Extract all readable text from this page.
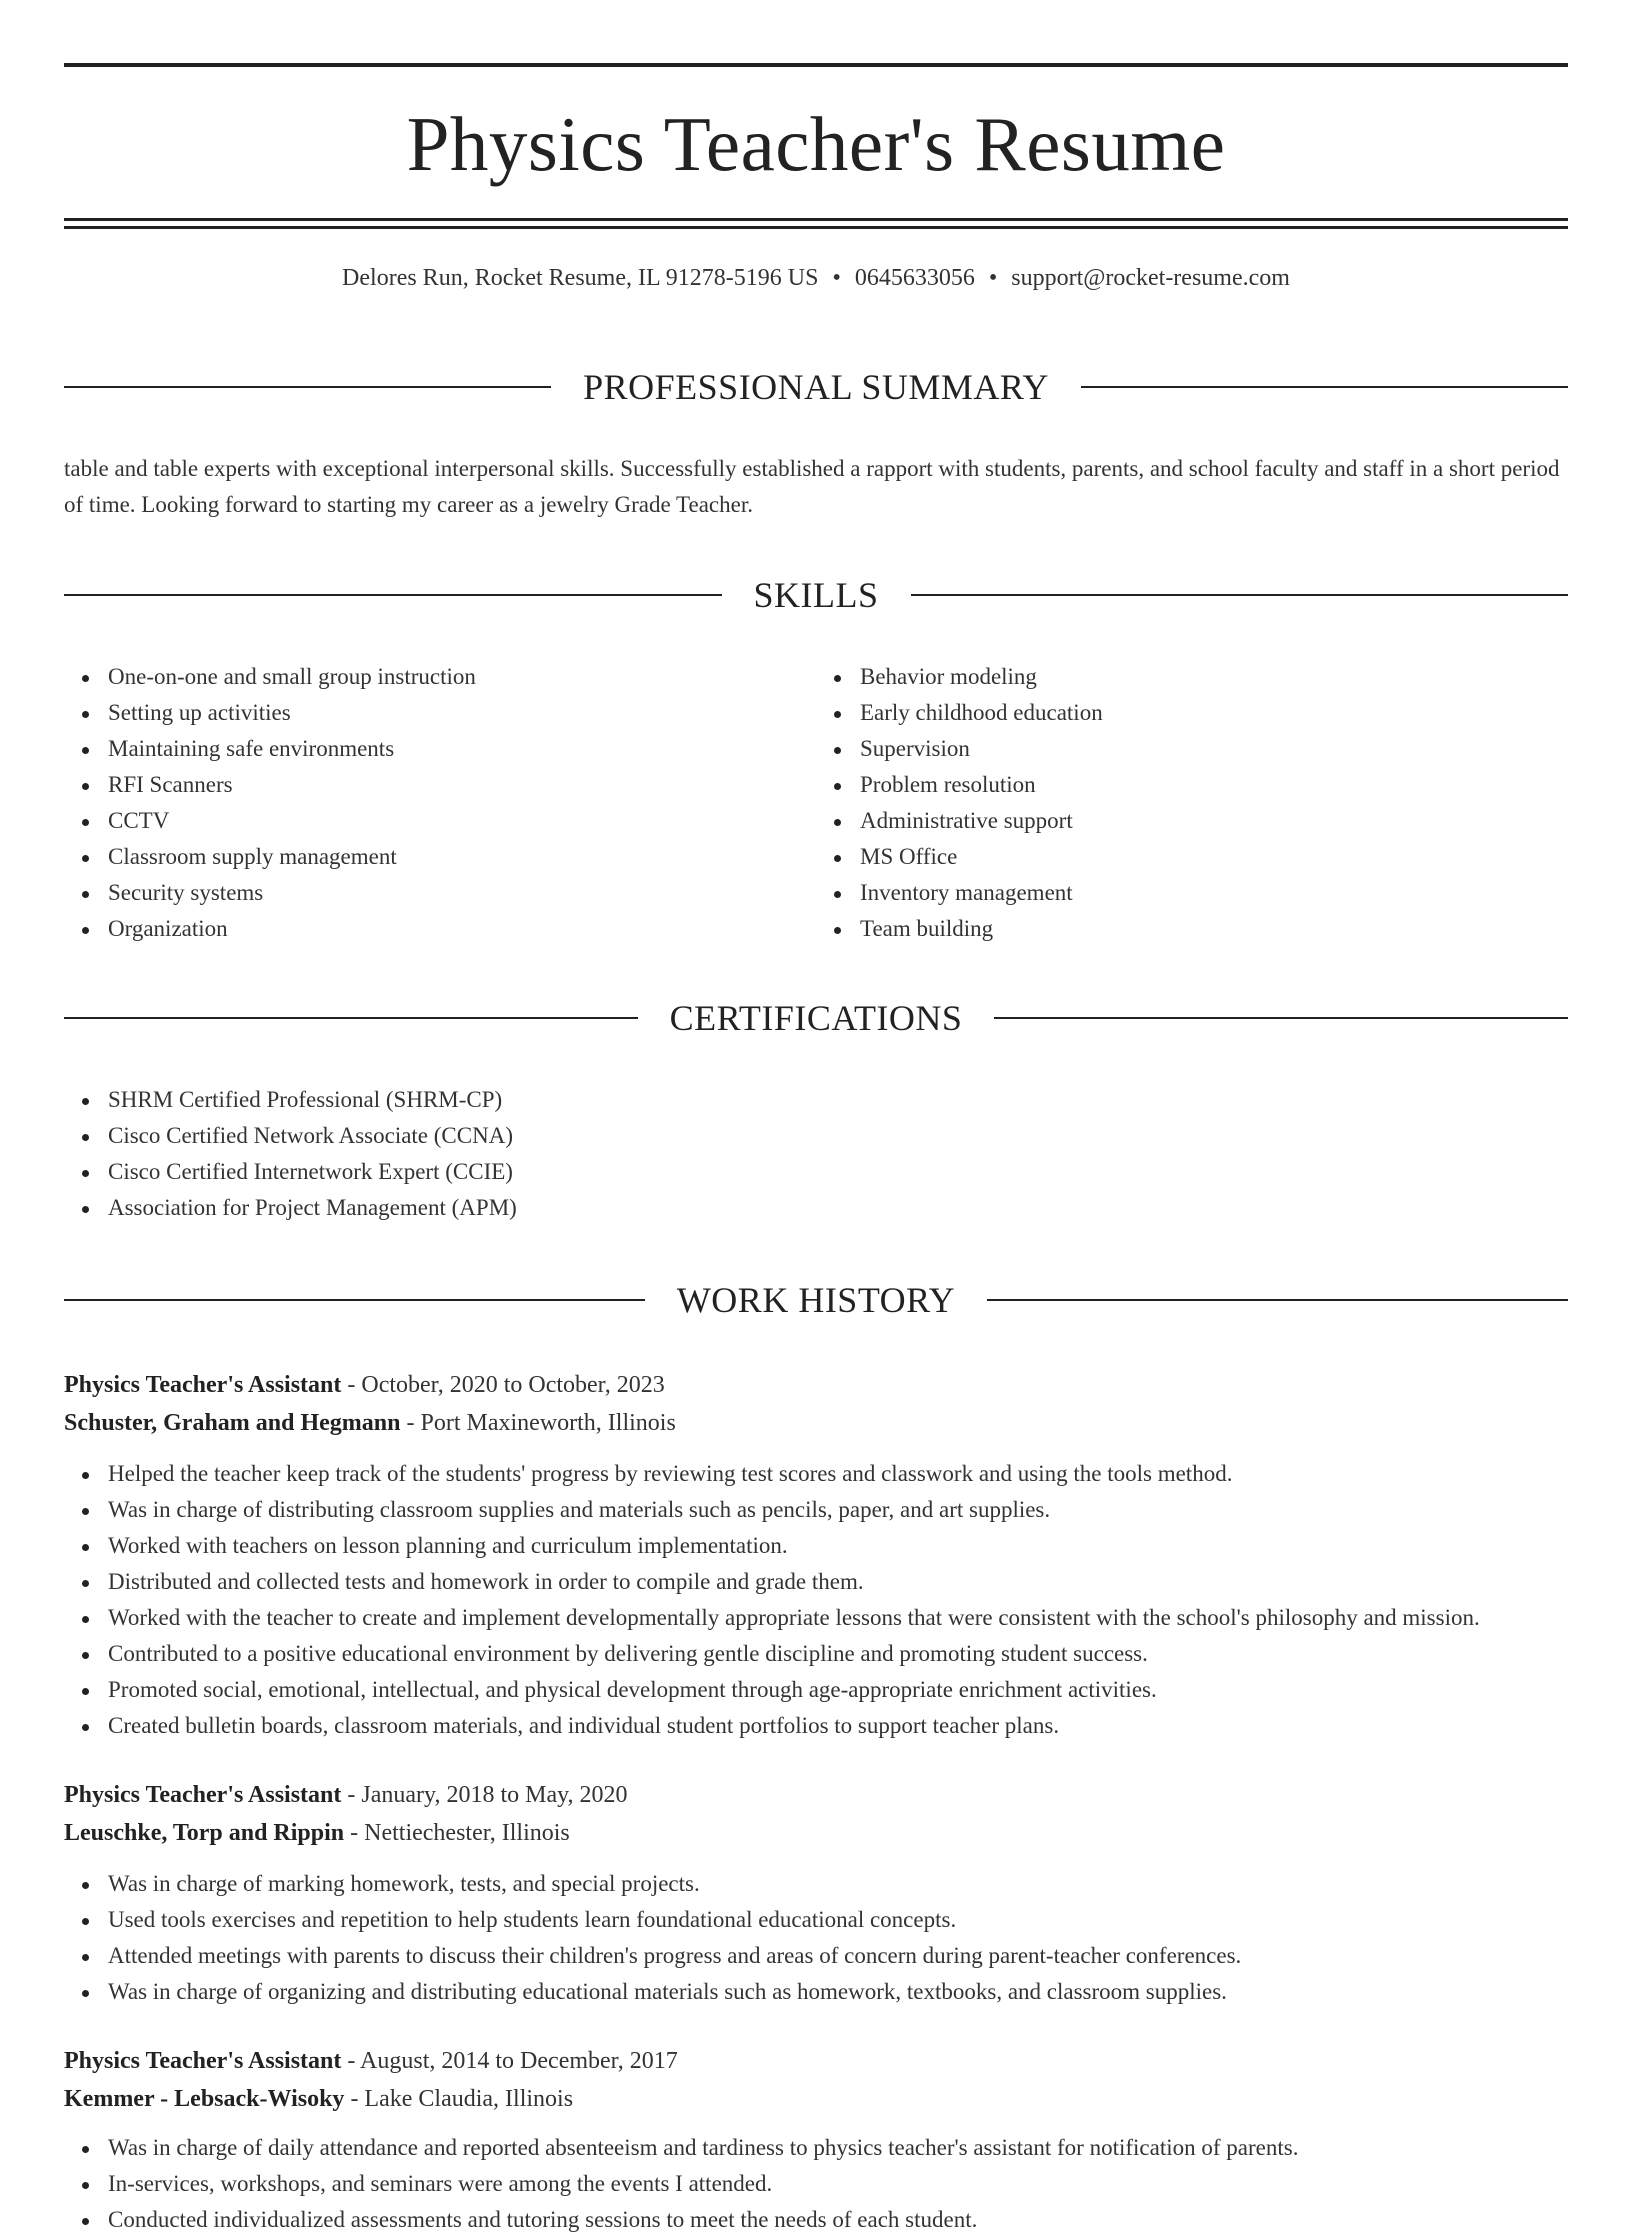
Physics Teacher's Resume
Delores Run, Rocket Resume, IL 91278-5196 US • 0645633056 • support@rocket-resume.com
PROFESSIONAL SUMMARY

table and table experts with exceptional interpersonal skills. Successfully established a rapport with students, parents, and school faculty and staff in a short period of time. Looking forward to starting my career as a jewelry Grade Teacher.

SKILLS
One-on-one and small group instruction
Setting up activities
Maintaining safe environments
RFI Scanners
CCTV
Classroom supply management
Security systems
Organization
Behavior modeling
Early childhood education
Supervision
Problem resolution
Administrative support
MS Office
Inventory management
Team building
CERTIFICATIONS
SHRM Certified Professional (SHRM-CP)
Cisco Certified Network Associate (CCNA)
Cisco Certified Internetwork Expert (CCIE)
Association for Project Management (APM)
WORK HISTORY
Physics Teacher's Assistant - October, 2020 to October, 2023
Schuster, Graham and Hegmann - Port Maxineworth, Illinois
Helped the teacher keep track of the students' progress by reviewing test scores and classwork and using the tools method.
Was in charge of distributing classroom supplies and materials such as pencils, paper, and art supplies.
Worked with teachers on lesson planning and curriculum implementation.
Distributed and collected tests and homework in order to compile and grade them.
Worked with the teacher to create and implement developmentally appropriate lessons that were consistent with the school's philosophy and mission.
Contributed to a positive educational environment by delivering gentle discipline and promoting student success.
Promoted social, emotional, intellectual, and physical development through age-appropriate enrichment activities.
Created bulletin boards, classroom materials, and individual student portfolios to support teacher plans.
Physics Teacher's Assistant - January, 2018 to May, 2020
Leuschke, Torp and Rippin - Nettiechester, Illinois
Was in charge of marking homework, tests, and special projects.
Used tools exercises and repetition to help students learn foundational educational concepts.
Attended meetings with parents to discuss their children's progress and areas of concern during parent-teacher conferences.
Was in charge of organizing and distributing educational materials such as homework, textbooks, and classroom supplies.
Physics Teacher's Assistant - August, 2014 to December, 2017
Kemmer - Lebsack-Wisoky - Lake Claudia, Illinois
Was in charge of daily attendance and reported absenteeism and tardiness to physics teacher's assistant for notification of parents.
In-services, workshops, and seminars were among the events I attended.
Conducted individualized assessments and tutoring sessions to meet the needs of each student.
